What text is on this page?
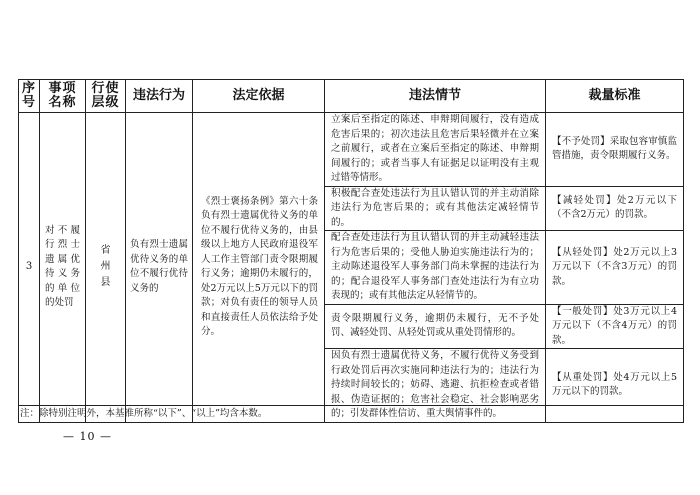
序号	事项名称	行使层级	违法行为	法定依据	违法情节	裁量标准
3	对不履行烈士遗属优待义务的单位的处罚	省州县	负有烈士遗属优待义务的单位不履行优待义务的	《烈士褒扬条例》第六十条 负有烈士遗属优待义务的单位不履行优待义务的，由县级以上地方人民政府退役军人工作主管部门责令限期履行义务；逾期仍未履行的，处2万元以上5万元以下的罚款；对负有责任的领导人员和直接责任人员依法给予处分。	立案后至指定的陈述、申辩期间履行，没有造成危害后果的；初次违法且危害后果轻微并在立案之前履行，或者在立案后至指定的陈述、申辩期间履行的；或者当事人有证据足以证明没有主观过错等情形。	【不予处罚】采取包容审慎监管措施，责令限期履行义务。
					积极配合查处违法行为且认错认罚的并主动消除违法行为危害后果的；或有其他法定减轻情节的。	【减轻处罚】处2万元以下（不含2万元）的罚款。
					配合查处违法行为且认错认罚的并主动减轻违法行为危害后果的；受他人胁迫实施违法行为的；主动陈述退役军人事务部门尚未掌握的违法行为的；配合退役军人事务部门查处违法行为有立功表现的；或有其他法定从轻情节的。	【从轻处罚】处2万元以上3万元以下（不含3万元）的罚款。
					责令限期履行义务，逾期仍未履行，无不予处罚、减轻处罚、从轻处罚或从重处罚情形的。	【一般处罚】处3万元以上4万元以下（不含4万元）的罚款。
					因负有烈士遗属优待义务，不履行优待义务受到行政处罚后再次实施同种违法行为的；违法行为持续时间较长的；妨碍、逃避、抗拒检查或者错报、伪造证据的；危害社会稳定、社会影响恶劣的；引发群体性信访、重大舆情事件的。	【从重处罚】处4万元以上5万元以下的罚款。
注：除特别注明外，本基准所称“以下”、“以上”均含本数。
— 10 —
